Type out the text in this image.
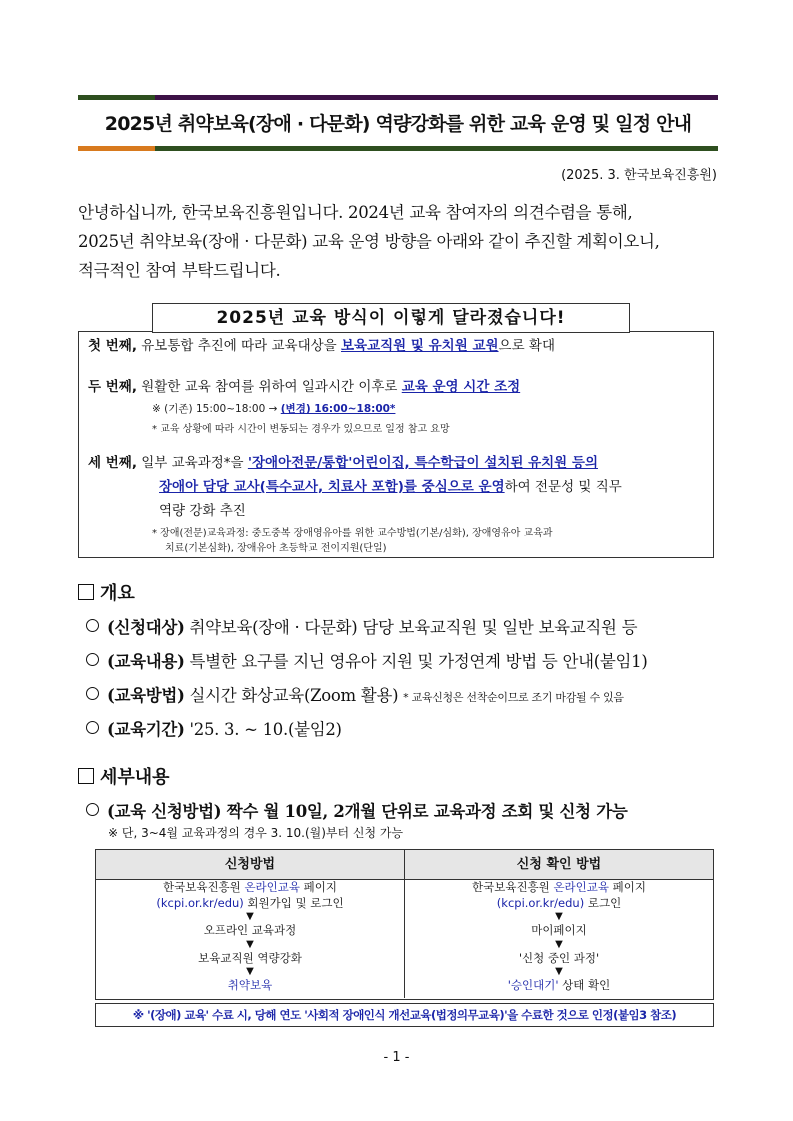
2025년 취약보육(장애 · 다문화) 역량강화를 위한 교육 운영 및 일정 안내
(2025. 3. 한국보육진흥원)
안녕하십니까, 한국보육진흥원입니다. 2024년 교육 참여자의 의견수렴을 통해,
2025년 취약보육(장애 · 다문화) 교육 운영 방향을 아래와 같이 추진할 계획이오니,
적극적인 참여 부탁드립니다.
2025년 교육 방식이 이렇게 달라졌습니다!
첫 번째, 유보통합 추진에 따라 교육대상을 보육교직원 및 유치원 교원으로 확대
두 번째, 원활한 교육 참여를 위하여 일과시간 이후로 교육 운영 시간 조정
※ (기존) 15:00~18:00 → (변경) 16:00~18:00*
* 교육 상황에 따라 시간이 변동되는 경우가 있으므로 일정 참고 요망
세 번째, 일부 교육과정*을 '장애아전문/통합'어린이집, 특수학급이 설치된 유치원 등의
장애아 담당 교사(특수교사, 치료사 포함)를 중심으로 운영하여 전문성 및 직무
역량 강화 추진
* 장애(전문)교육과정: 중도중복 장애영유아를 위한 교수방법(기본/심화), 장애영유아 교육과
치료(기본심화), 장애유아 초등학교 전이지원(단일)
개요
(신청대상) 취약보육(장애 · 다문화) 담당 보육교직원 및 일반 보육교직원 등
(교육내용) 특별한 요구를 지닌 영유아 지원 및 가정연계 방법 등 안내(붙임1)
(교육방법) 실시간 화상교육(Zoom 활용) * 교육신청은 선착순이므로 조기 마감될 수 있음
(교육기간) '25. 3. ~ 10.(붙임2)
세부내용
(교육 신청방법) 짝수 월 10일, 2개월 단위로 교육과정 조회 및 신청 가능
※ 단, 3~4월 교육과정의 경우 3. 10.(월)부터 신청 가능
신청방법	신청 확인 방법
한국보육진흥원 온라인교육 페이지
(kcpi.or.kr/edu) 회원가입 및 로그인
▼
오프라인 교육과정
▼
보육교직원 역량강화
▼
취약보육
한국보육진흥원 온라인교육 페이지
(kcpi.or.kr/edu) 로그인
▼
마이페이지
▼
'신청 중인 과정'
▼
'승인대기' 상태 확인
※ '(장애) 교육' 수료 시, 당해 연도 '사회적 장애인식 개선교육(법정의무교육)'을 수료한 것으로 인정(붙임3 참조)
- 1 -
